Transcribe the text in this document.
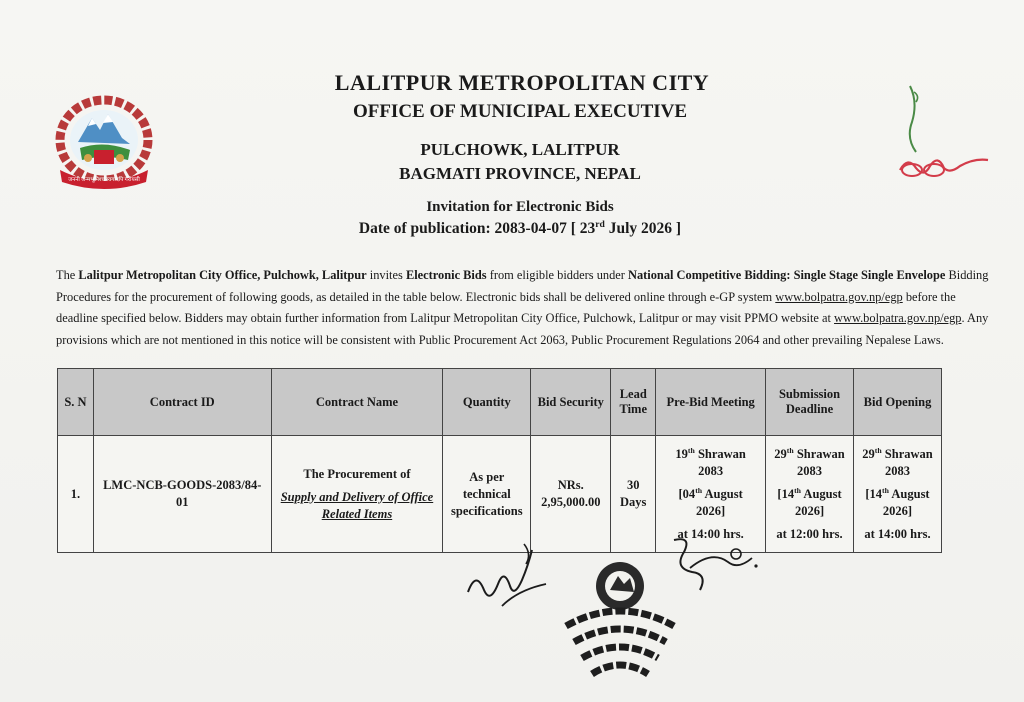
जननी जन्मभूमिश्च स्वर्गादपि गरीयसी
LALITPUR METROPOLITAN CITY
OFFICE OF MUNICIPAL EXECUTIVE
PULCHOWK, LALITPUR
BAGMATI PROVINCE, NEPAL
Invitation for Electronic Bids
Date of publication: 2083-04-07 [ 23rd July 2026 ]
The Lalitpur Metropolitan City Office, Pulchowk, Lalitpur invites Electronic Bids from eligible bidders under National Competitive Bidding: Single Stage Single Envelope Bidding Procedures for the procurement of following goods, as detailed in the table below. Electronic bids shall be delivered online through e-GP system www.bolpatra.gov.np/egp before the deadline specified below. Bidders may obtain further information from Lalitpur Metropolitan City Office, Pulchowk, Lalitpur or may visit PPMO website at www.bolpatra.gov.np/egp. Any provisions which are not mentioned in this notice will be consistent with Public Procurement Act 2063, Public Procurement Regulations 2064 and other prevailing Nepalese Laws.
S. N	Contract ID	Contract Name	Quantity	Bid Security	Lead
Time	Pre-Bid Meeting	Submission
Deadline	Bid Opening
1.	LMC-NCB-GOODS-2083/84-01	The Procurement of
Supply and Delivery of Office
Related Items	As per
technical
specifications	NRs.
2,95,000.00	30
Days	19th Shrawan
2083
[04th August
2026]
at 14:00 hrs.	29th Shrawan
2083
[14th August
2026]
at 12:00 hrs.	29th Shrawan
2083
[14th August
2026]
at 14:00 hrs.
